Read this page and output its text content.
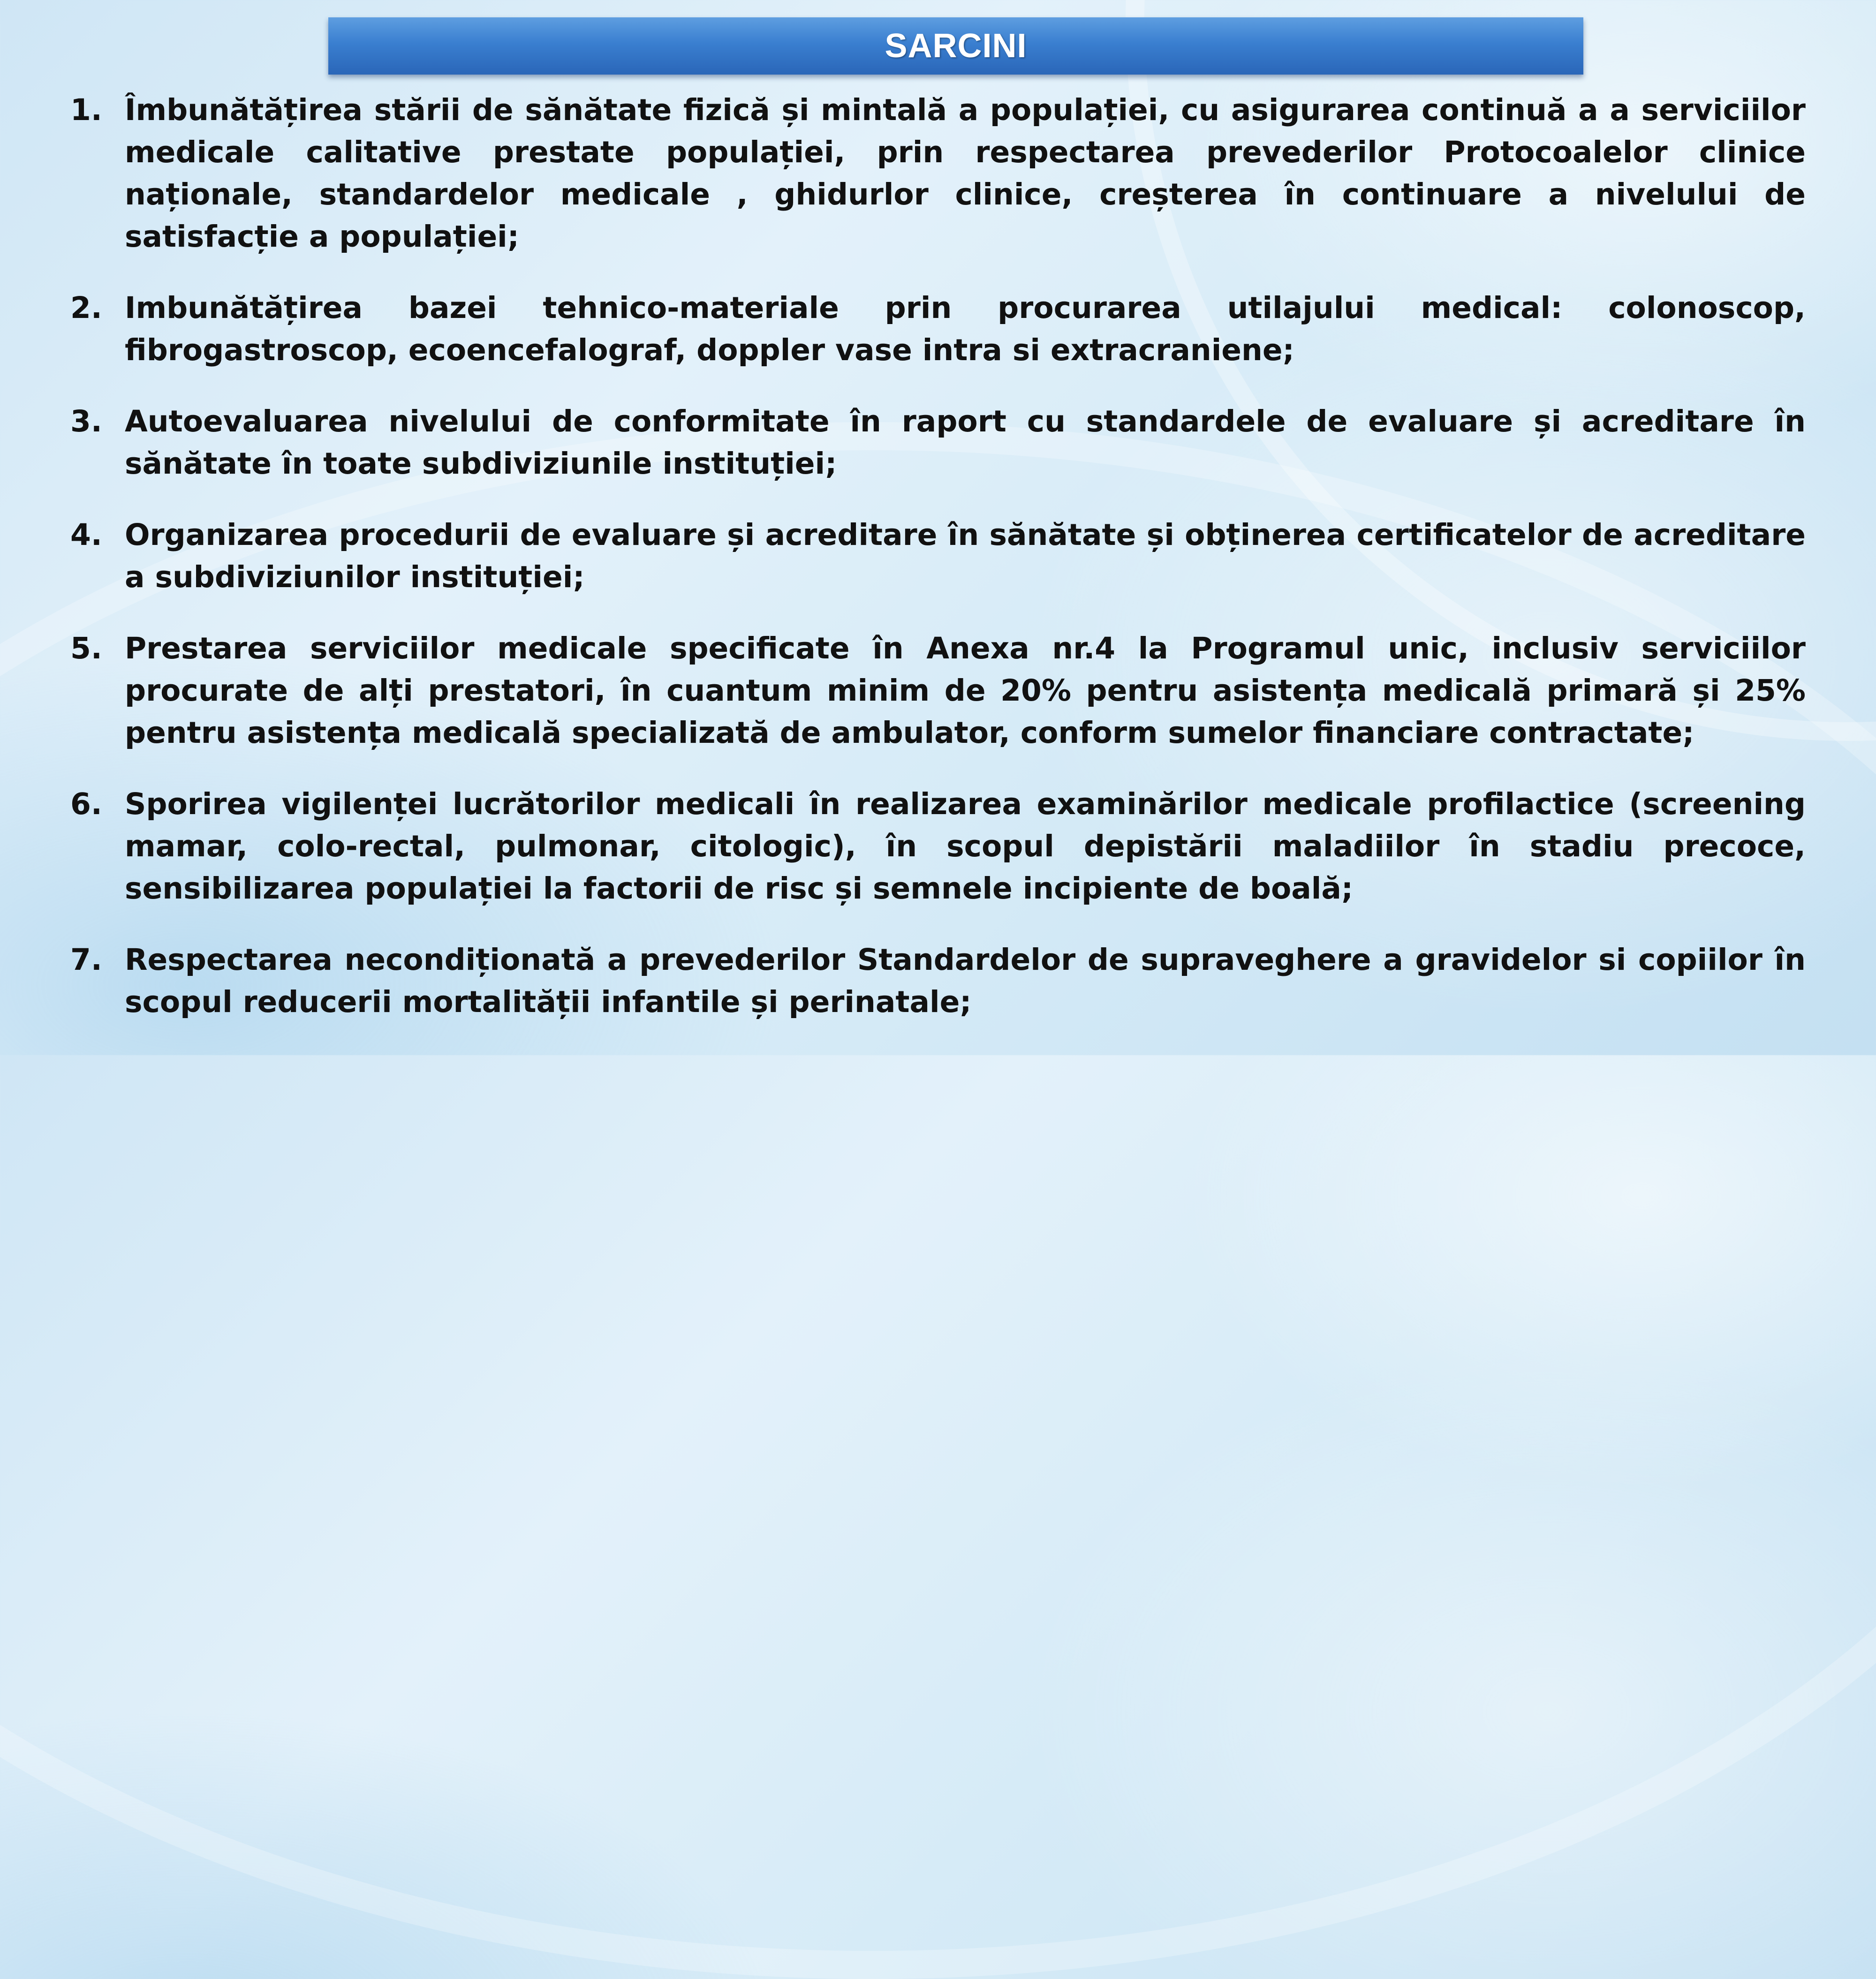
SARCINI
1. Îmbunătățirea stării de sănătate fizică și mintală a populației, cu asigurarea continuă a a serviciilor medicale calitative prestate populației, prin respectarea prevederilor Protocoalelor clinice naționale, standardelor medicale , ghidurlor clinice, creșterea în continuare a nivelului de satisfacție a populației;
2. Imbunătățirea bazei tehnico-materiale prin procurarea utilajului medical: colonoscop, fibrogastroscop, ecoencefalograf, doppler vase intra si extracraniene;
3. Autoevaluarea nivelului de conformitate în raport cu standardele de evaluare și acreditare în sănătate în toate subdiviziunile instituției;
4. Organizarea procedurii de evaluare și acreditare în sănătate și obținerea certificatelor de acreditare a subdiviziunilor instituției;
5. Prestarea serviciilor medicale specificate în Anexa nr.4 la Programul unic, inclusiv serviciilor procurate de alți prestatori, în cuantum minim de 20% pentru asistența medicală primară și 25% pentru asistența medicală specializată de ambulator, conform sumelor financiare contractate;
6. Sporirea vigilenței lucrătorilor medicali în realizarea examinărilor medicale profilactice (screening mamar, colo-rectal, pulmonar, citologic), în scopul depistării maladiilor în stadiu precoce, sensibilizarea populației la factorii de risc și semnele incipiente de boală;
7. Respectarea necondiționată a prevederilor Standardelor de supraveghere a gravidelor si copiilor în scopul reducerii mortalității infantile și perinatale;
